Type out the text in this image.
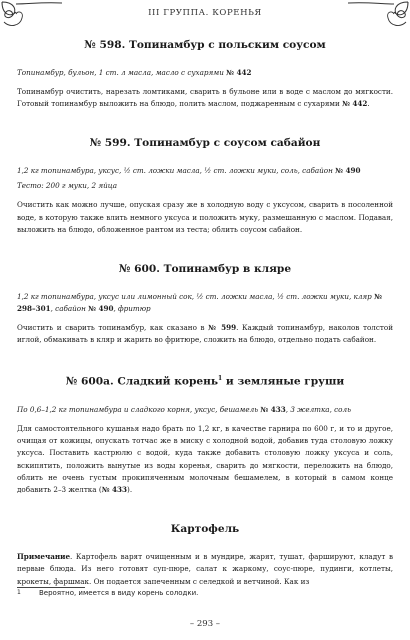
III ГРУППА. КОРЕНЬЯ
№ 598. Топинамбур с польским соусом

Топинамбур, бульон, 1 ст. л масла, масло с сухарями № 442

Топинамбур очистить, нарезать ломтиками, сварить в бульоне или в воде с маслом до мягкости. Готовый топинамбур выложить на блюдо, полить маслом, поджаренным с сухарями № 442.

№ 599. Топинамбур с соусом сабайон

1,2 кг топинамбура, уксус, ½ ст. ложки масла, ½ ст. ложки муки, соль, сабайон № 490

Тесто: 200 г муки, 2 яйца

Очистить как можно лучше, опуская сразу же в холодную воду с уксусом, сварить в посоленной воде, в которую также влить немного уксуса и положить муку, размешанную с маслом. Подавая, выложить на блюдо, обложенное рантом из теста; облить соусом сабайон.

№ 600. Топинамбур в кляре

1,2 кг топинамбура, уксус или лимонный сок, ½ ст. ложки масла, ½ ст. ложки муки, кляр № 298–301, сабайон № 490, фритюр

Очистить и сварить топинамбур, как сказано в № 599. Каждый топинамбур, наколов толстой иглой, обмакивать в кляр и жарить во фритюре, сложить на блюдо, отдельно подать сабайон.

№ 600а. Сладкий корень$^1$ и земляные груши

По 0,6–1,2 кг топинамбура и сладкого корня, уксус, бешамель № 433, 3 желтка, соль

Для самостоятельного кушанья надо брать по 1,2 кг, в качестве гарнира по 600 г, и то и другое, очищая от кожицы, опускать тотчас же в миску с холодной водой, добавив туда столовую ложку уксуса. Поставить кастрюлю с водой, куда также добавить столовую ложку уксуса и соль, вскипятить, положить вынутые из воды коренья, сварить до мягкости, переложить на блюдо, облить не очень густым прокипяченным молочным бешамелем, в который в самом конце добавить 2–3 желтка (№ 433).

Картофель

Примечание. Картофель варят очищенным и в мундире, жарят, тушат, фаршируют, кладут в первые блюда. Из него готовят суп-пюре, салат к жаркому, соус-пюре, пудинги, котлеты, крокеты, фаршмак. Он подается запеченным с селедкой и ветчиной. Как из

1	Вероятно, имеется в виду корень солодки.
– 293 –
